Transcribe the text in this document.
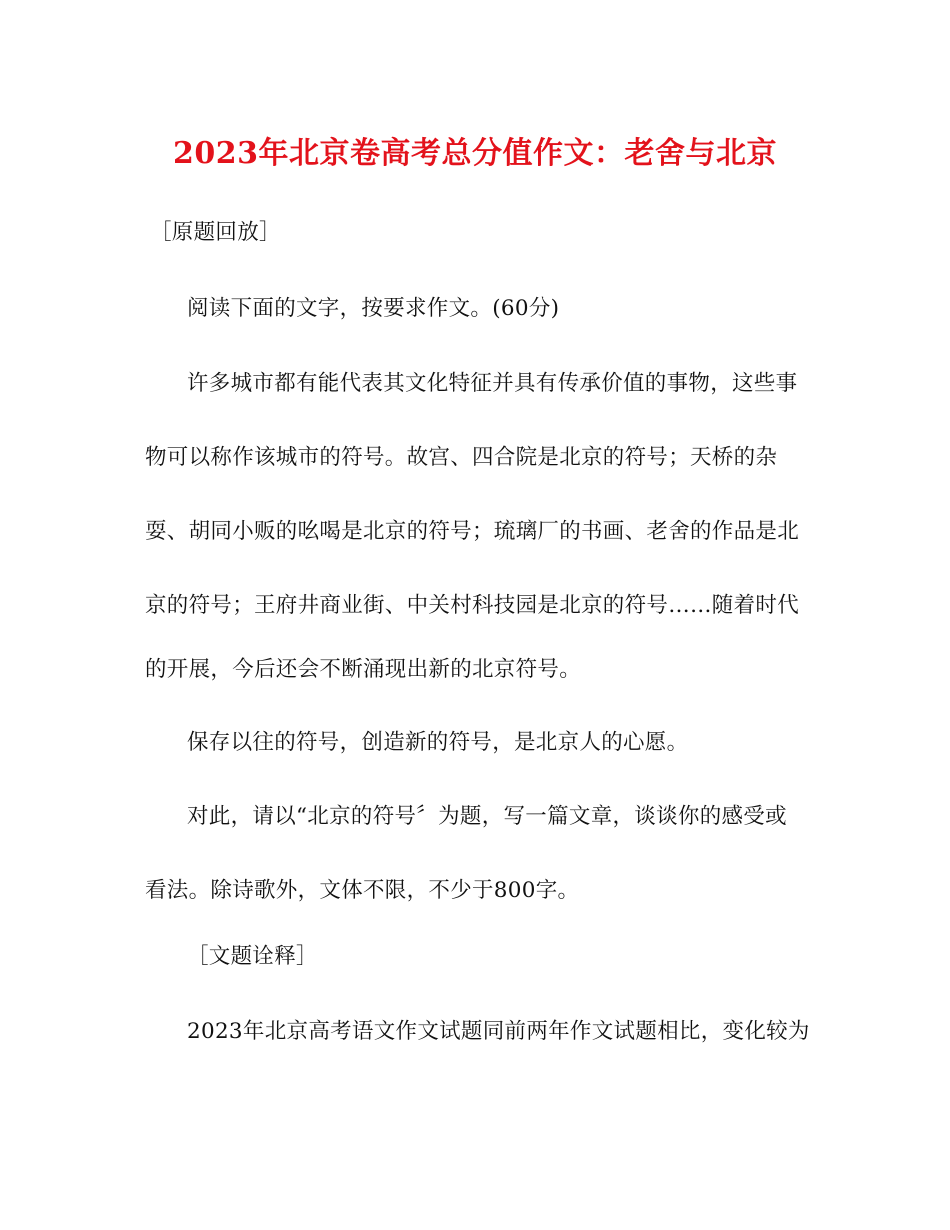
2023年北京卷高考总分值作文：老舍与北京
［原题回放］
阅读下面的文字，按要求作文。(60分)
许多城市都有能代表其文化特征并具有传承价值的事物，这些事
物可以称作该城市的符号。故宫、四合院是北京的符号；天桥的杂
耍、胡同小贩的吆喝是北京的符号；琉璃厂的书画、老舍的作品是北
京的符号；王府井商业街、中关村科技园是北京的符号……随着时代
的开展，今后还会不断涌现出新的北京符号。
保存以往的符号，创造新的符号，是北京人的心愿。
对此，请以“北京的符号〞为题，写一篇文章，谈谈你的感受或
看法。除诗歌外，文体不限，不少于800字。
［文题诠释］
2023年北京高考语文作文试题同前两年作文试题相比，变化较为
